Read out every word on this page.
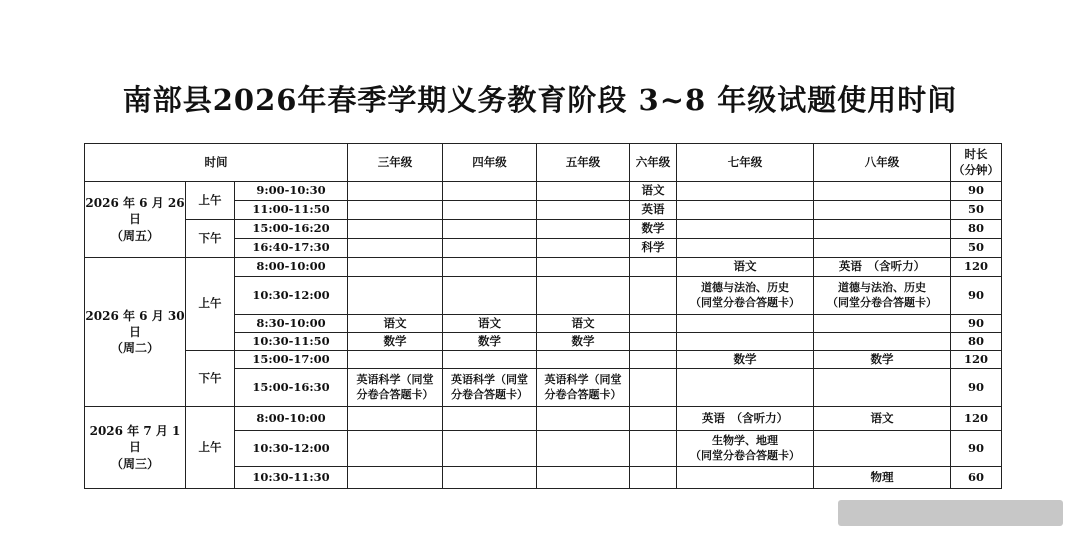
南部县2026年春季学期义务教育阶段 3~8 年级试题使用时间
时间			三年级	四年级	五年级	六年级	七年级	八年级	时长
（分钟）
2026 年 6 月 26
日
（周五）	上午	9:00-10:30				语文			90
		11:00-11:50				英语			50
	下午	15:00-16:20				数学			80
		16:40-17:30				科学			50
2026 年 6 月 30
日
（周二）	上午	8:00-10:00					语文	英语　（含听力）	120
		10:30-12:00					道德与法治、历史
（同堂分卷合答题卡）	道德与法治、历史
（同堂分卷合答题卡）	90
		8:30-10:00	语文	语文	语文				90
		10:30-11:50	数学	数学	数学				80
	下午	15:00-17:00					数学	数学	120
		15:00-16:30	英语科学（同堂
分卷合答题卡）	英语科学（同堂
分卷合答题卡）	英语科学（同堂
分卷合答题卡）				90
2026 年 7 月 1 日
（周三）	上午	8:00-10:00					英语　（含听力）	语文	120
		10:30-12:00					生物学、地理
（同堂分卷合答题卡）		90
		10:30-11:30						物理	60
